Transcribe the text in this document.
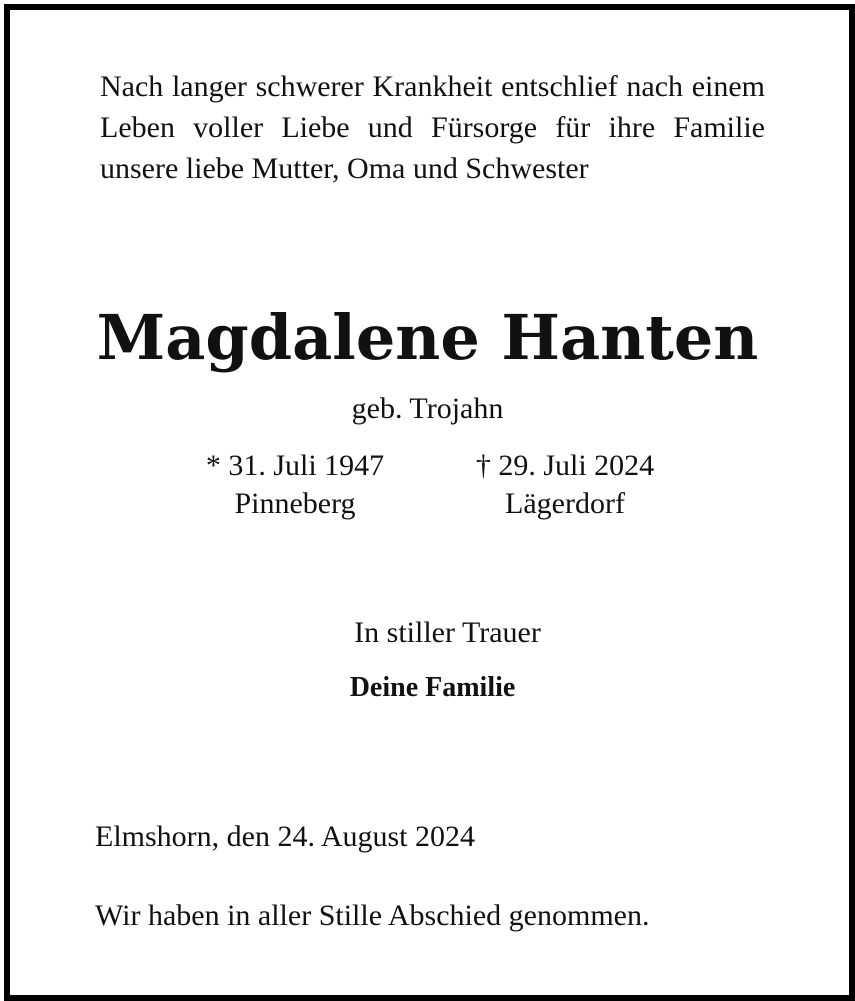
Nach langer schwerer Krankheit entschlief nach einem Leben voller Liebe und Fürsorge für ihre Familie unsere liebe Mutter, Oma und Schwester
Magdalene Hanten
geb. Trojahn
* 31. Juli 1947
Pinneberg
† 29. Juli 2024
Lägerdorf
In stiller Trauer
Deine Familie
Elmshorn, den 24. August 2024
Wir haben in aller Stille Abschied genommen.
